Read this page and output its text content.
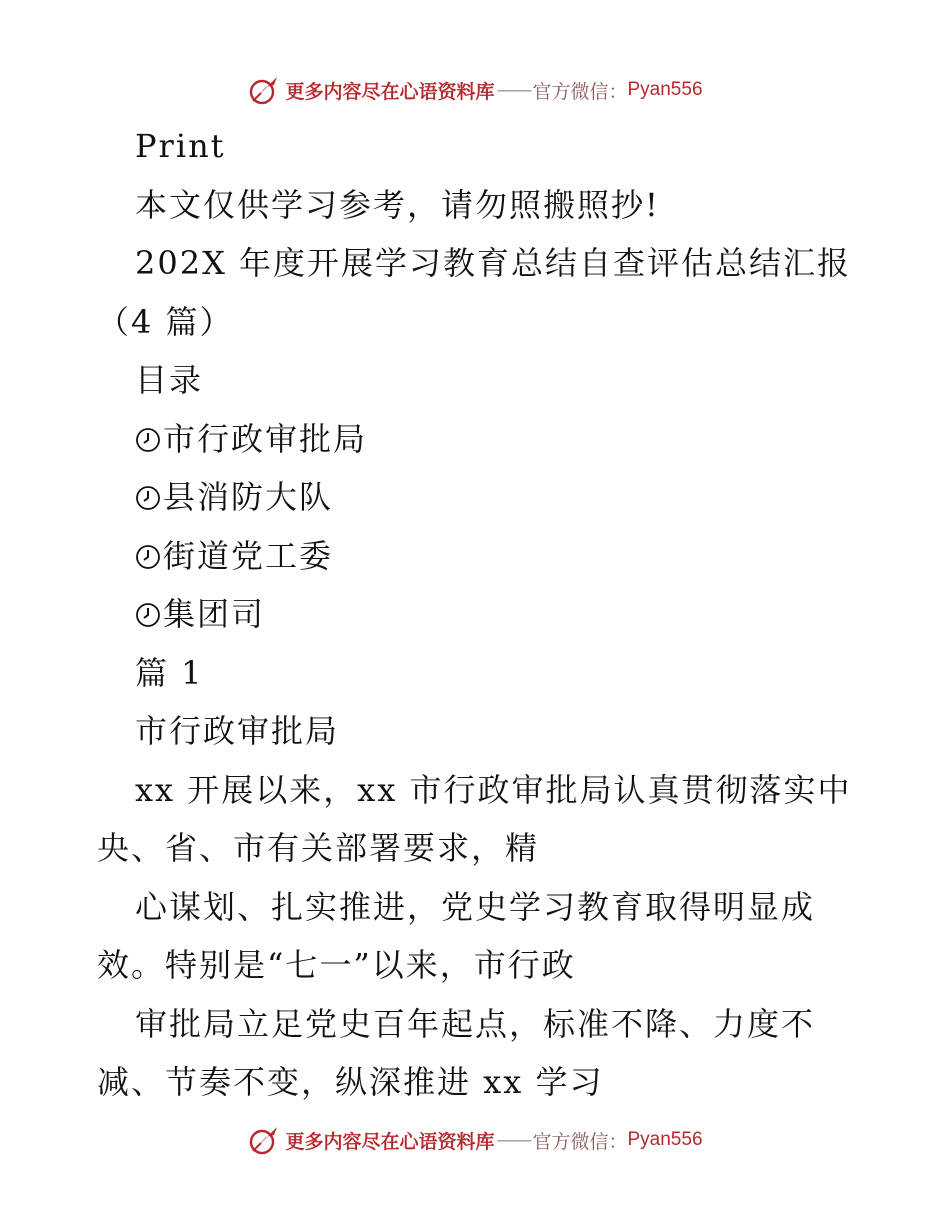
更多内容尽在心语资料库 —— 官方微信： Pyan556
Print
本文仅供学习参考，请勿照搬照抄!
202X 年度开展学习教育总结自查评估总结汇报
（4 篇）
目录
市行政审批局
县消防大队
街道党工委
集团司
篇 1
市行政审批局
xx 开展以来，xx 市行政审批局认真贯彻落实中
央、省、市有关部署要求，精
心谋划、扎实推进，党史学习教育取得明显成
效。特别是“七一”以来，市行政
审批局立足党史百年起点，标准不降、力度不
减、节奏不变，纵深推进 xx 学习
更多内容尽在心语资料库 —— 官方微信： Pyan556
